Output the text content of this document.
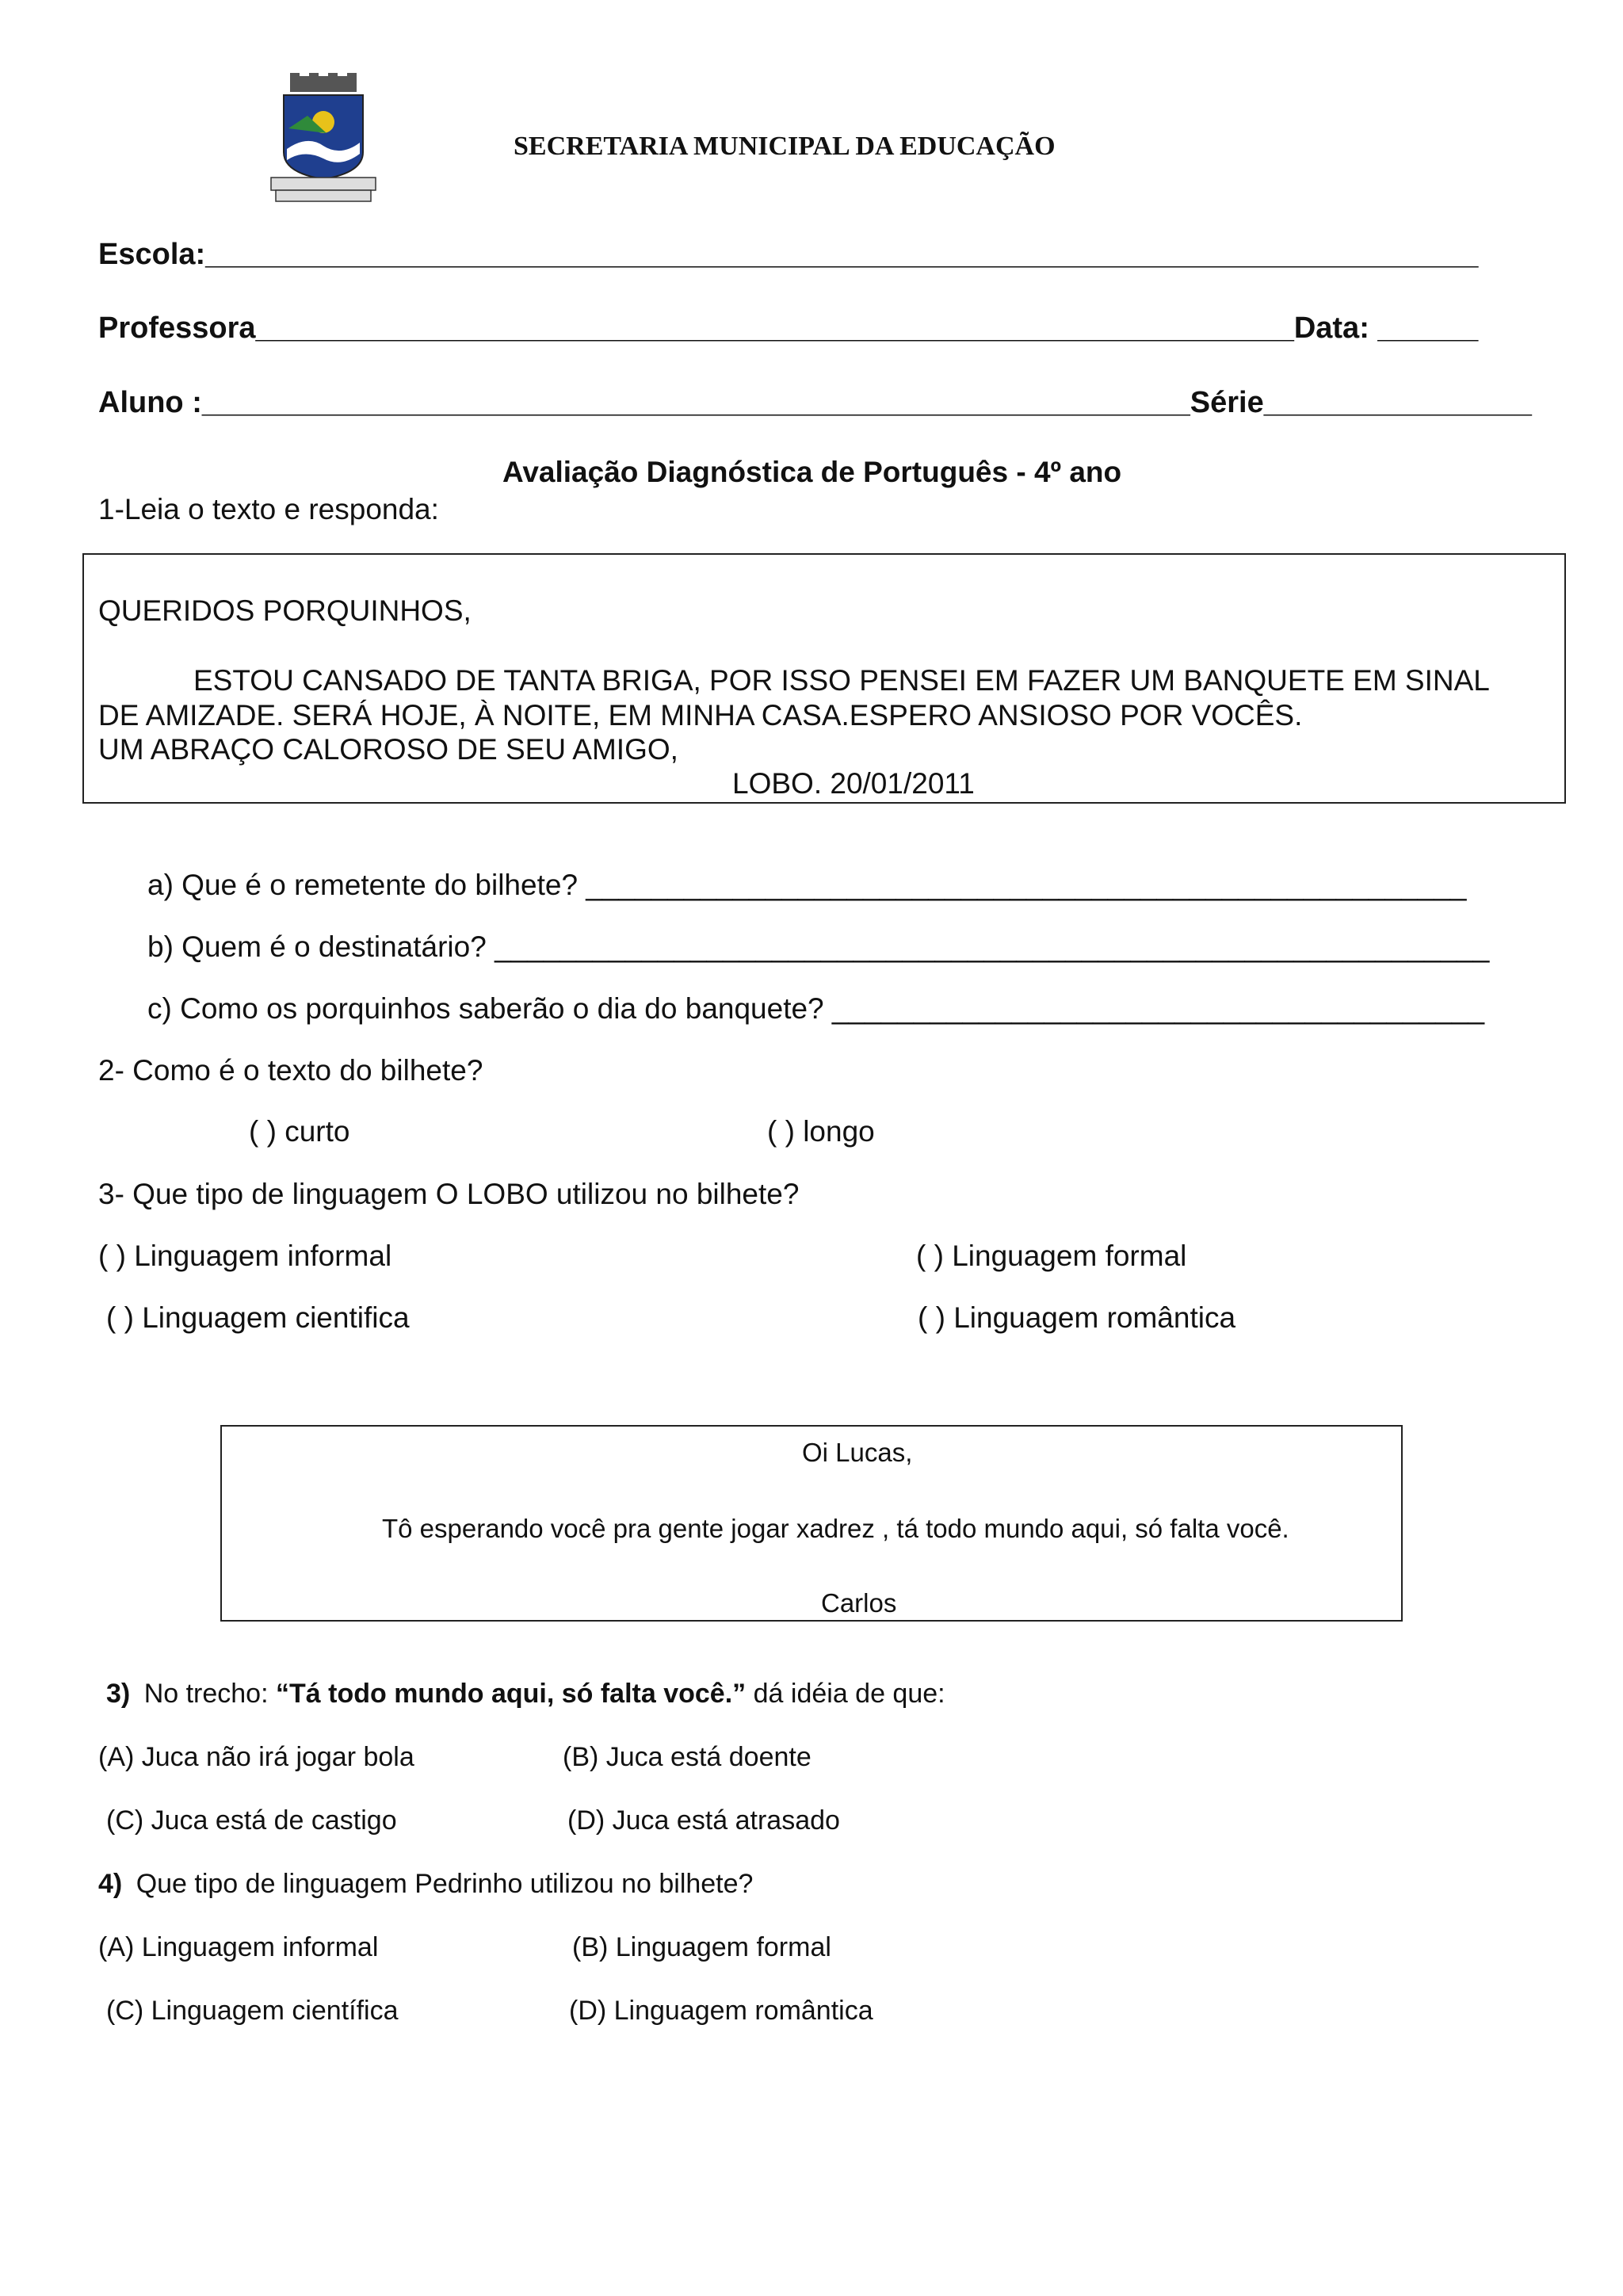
SECRETARIA MUNICIPAL DA EDUCAÇÃO
Escola:____________________________________________________________________________
Professora______________________________________________________________Data: ______
Aluno :___________________________________________________________Série________________
Avaliação Diagnóstica de Português - 4º ano
1-Leia o texto e responda:
QUERIDOS PORQUINHOS,
ESTOU CANSADO DE TANTA BRIGA, POR ISSO PENSEI EM FAZER UM BANQUETE EM SINAL
DE AMIZADE. SERÁ HOJE, À NOITE, EM MINHA CASA.ESPERO ANSIOSO POR VOCÊS.
UM ABRAÇO CALOROSO DE SEU AMIGO,
LOBO. 20/01/2011
a) Que é o remetente do bilhete? ______________________________________________________
b) Quem é o destinatário? _____________________________________________________________
c) Como os porquinhos saberão o dia do banquete? ________________________________________
2- Como é o texto do bilhete?
( ) curto	( ) longo
3- Que tipo de linguagem O LOBO utilizou no bilhete?
( ) Linguagem informal	( ) Linguagem formal
( ) Linguagem cientifica	( ) Linguagem romântica
Oi Lucas,
Tô esperando você pra gente jogar xadrez , tá todo mundo aqui, só falta você.
Carlos
3) No trecho: “Tá todo mundo aqui, só falta você.” dá idéia de que:
(A) Juca não irá jogar bola	(B) Juca está doente
(C) Juca está de castigo	(D) Juca está atrasado
4) Que tipo de linguagem Pedrinho utilizou no bilhete?
(A) Linguagem informal	(B) Linguagem formal
(C) Linguagem científica	(D) Linguagem romântica
